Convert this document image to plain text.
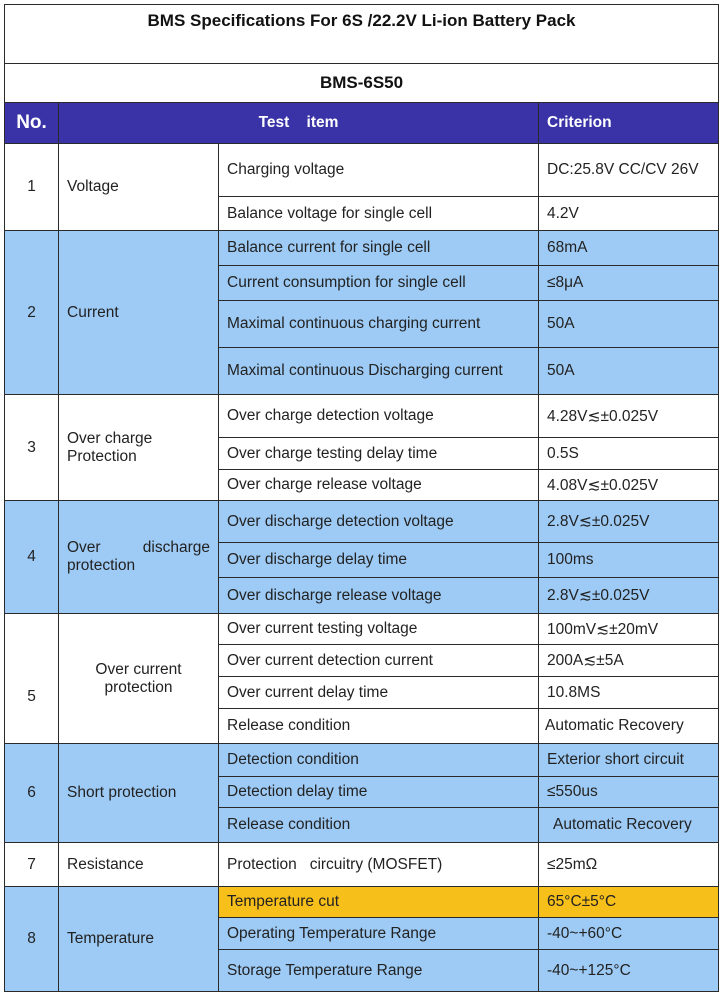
BMS Specifications For 6S /22.2V Li-ion Battery Pack			
BMS-6S50			
No.	Test    item		Criterion
1	Voltage	Charging voltage	DC:25.8V CC/CV 26V
		Balance voltage for single cell	4.2V
2	Current	Balance current for single cell	68mA
		Current consumption for single cell	≤8μA
		Maximal continuous charging current	50A
		Maximal continuous Discharging current	50A
3	Over charge Protection	Over charge detection voltage	4.28V≲±0.025V
		Over charge testing delay time	0.5S
		Over charge release voltage	4.08V≲±0.025V
4	Over discharge protection	Over discharge detection voltage	2.8V≲±0.025V
		Over discharge delay time	100ms
		Over discharge release voltage	2.8V≲±0.025V
5	Over current protection	Over current testing voltage	100mV≲±20mV
		Over current detection current	200A≲±5A
		Over current delay time	10.8MS
		Release condition	Automatic Recovery
6	Short protection	Detection condition	Exterior short circuit
		Detection delay time	≤550us
		Release condition	Automatic Recovery
7	Resistance	Protection   circuitry (MOSFET)	≤25mΩ
8	Temperature	Temperature cut	65°C±5°C
		Operating Temperature Range	-40~+60°C
		Storage Temperature Range	-40~+125°C
